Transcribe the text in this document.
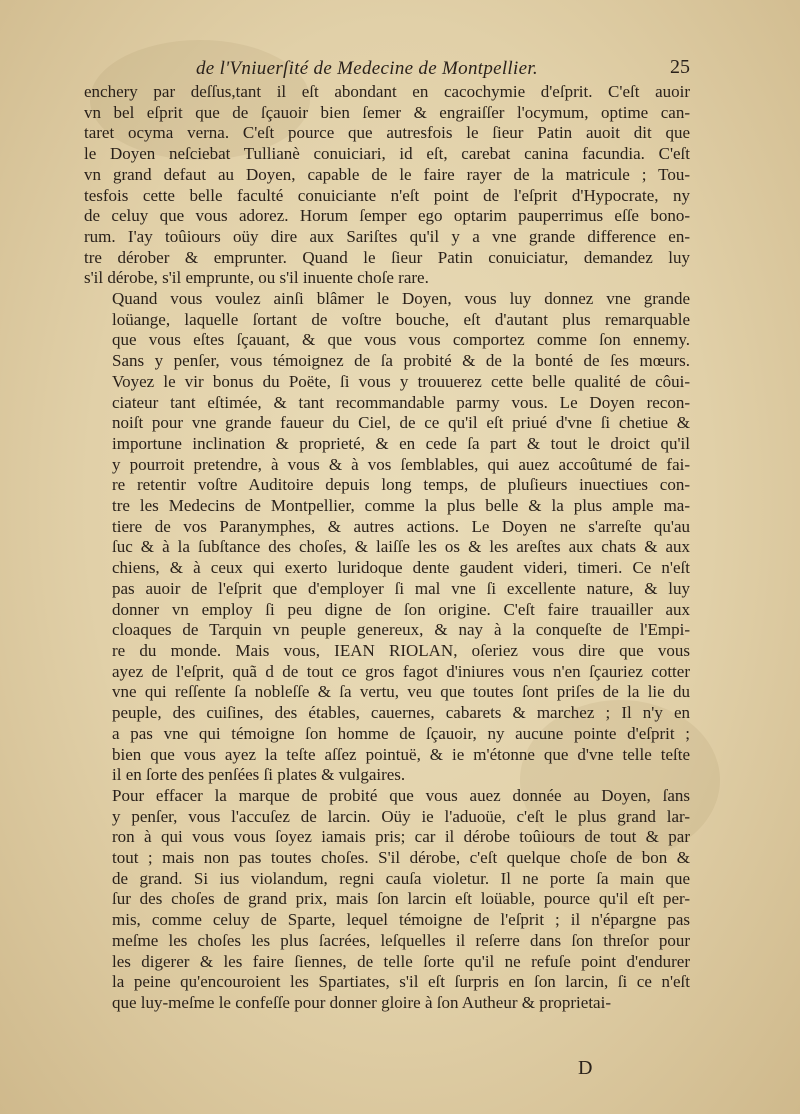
de l'Vniuerſité de Medecine de Montpellier.	25
enchery par deſſus,tant il eſt abondant en cacochymie d'eſprit. C'eſt auoir
vn bel eſprit que de ſçauoir bien ſemer & engraiſſer l'ocymum, optime can-
taret ocyma verna. C'eſt pource que autresfois le ſieur Patin auoit dit que
le Doyen neſciebat Tullianè conuiciari, id eſt, carebat canina facundia. C'eſt
vn grand defaut au Doyen, capable de le faire rayer de la matricule ; Tou-
tesfois cette belle faculté conuiciante n'eſt point de l'eſprit d'Hypocrate, ny
de celuy que vous adorez. Horum ſemper ego optarim pauperrimus eſſe bono-
rum. I'ay toûiours oüy dire aux Sariſtes qu'il y a vne grande difference en-
tre dérober & emprunter. Quand le ſieur Patin conuiciatur, demandez luy
s'il dérobe, s'il emprunte, ou s'il inuente choſe rare.
Quand vous voulez ainſi blâmer le Doyen, vous luy donnez vne grande
loüange, laquelle ſortant de voſtre bouche, eſt d'autant plus remarquable
que vous eſtes ſçauant, & que vous vous comportez comme ſon ennemy.
Sans y penſer, vous témoignez de ſa probité & de la bonté de ſes mœurs.
Voyez le vir bonus du Poëte, ſi vous y trouuerez cette belle qualité de côui-
ciateur tant eſtimée, & tant recommandable parmy vous. Le Doyen recon-
noiſt pour vne grande faueur du Ciel, de ce qu'il eſt priué d'vne ſi chetiue &
importune inclination & proprieté, & en cede ſa part & tout le droict qu'il
y pourroit pretendre, à vous & à vos ſemblables, qui auez accoûtumé de fai-
re retentir voſtre Auditoire depuis long temps, de pluſieurs inuectiues con-
tre les Medecins de Montpellier, comme la plus belle & la plus ample ma-
tiere de vos Paranymphes, & autres actions. Le Doyen ne s'arreſte qu'au
ſuc & à la ſubſtance des choſes, & laiſſe les os & les areſtes aux chats & aux
chiens, & à ceux qui exerto luridoque dente gaudent videri, timeri. Ce n'eſt
pas auoir de l'eſprit que d'employer ſi mal vne ſi excellente nature, & luy
donner vn employ ſi peu digne de ſon origine. C'eſt faire trauailler aux
cloaques de Tarquin vn peuple genereux, & nay à la conqueſte de l'Empi-
re du monde. Mais vous, IEAN RIOLAN, oſeriez vous dire que vous
ayez de l'eſprit, quã d de tout ce gros fagot d'iniures vous n'en ſçauriez cotter
vne qui reſſente ſa nobleſſe & ſa vertu, veu que toutes ſont priſes de la lie du
peuple, des cuiſines, des étables, cauernes, cabarets & marchez ; Il n'y en
a pas vne qui témoigne ſon homme de ſçauoir, ny aucune pointe d'eſprit ;
bien que vous ayez la teſte aſſez pointuë, & ie m'étonne que d'vne telle teſte
il en ſorte des penſées ſi plates & vulgaires.
Pour effacer la marque de probité que vous auez donnée au Doyen, ſans
y penſer, vous l'accuſez de larcin. Oüy ie l'aduoüe, c'eſt le plus grand lar-
ron à qui vous vous ſoyez iamais pris; car il dérobe toûiours de tout & par
tout ; mais non pas toutes choſes. S'il dérobe, c'eſt quelque choſe de bon &
de grand. Si ius violandum, regni cauſa violetur. Il ne porte ſa main que
ſur des choſes de grand prix, mais ſon larcin eſt loüable, pource qu'il eſt per-
mis, comme celuy de Sparte, lequel témoigne de l'eſprit ; il n'épargne pas
meſme les choſes les plus ſacrées, leſquelles il reſerre dans ſon threſor pour
les digerer & les faire ſiennes, de telle ſorte qu'il ne refuſe point d'endurer
la peine qu'encouroient les Spartiates, s'il eſt ſurpris en ſon larcin, ſi ce n'eſt
que luy-meſme le confeſſe pour donner gloire à ſon Autheur & proprietai-
D
